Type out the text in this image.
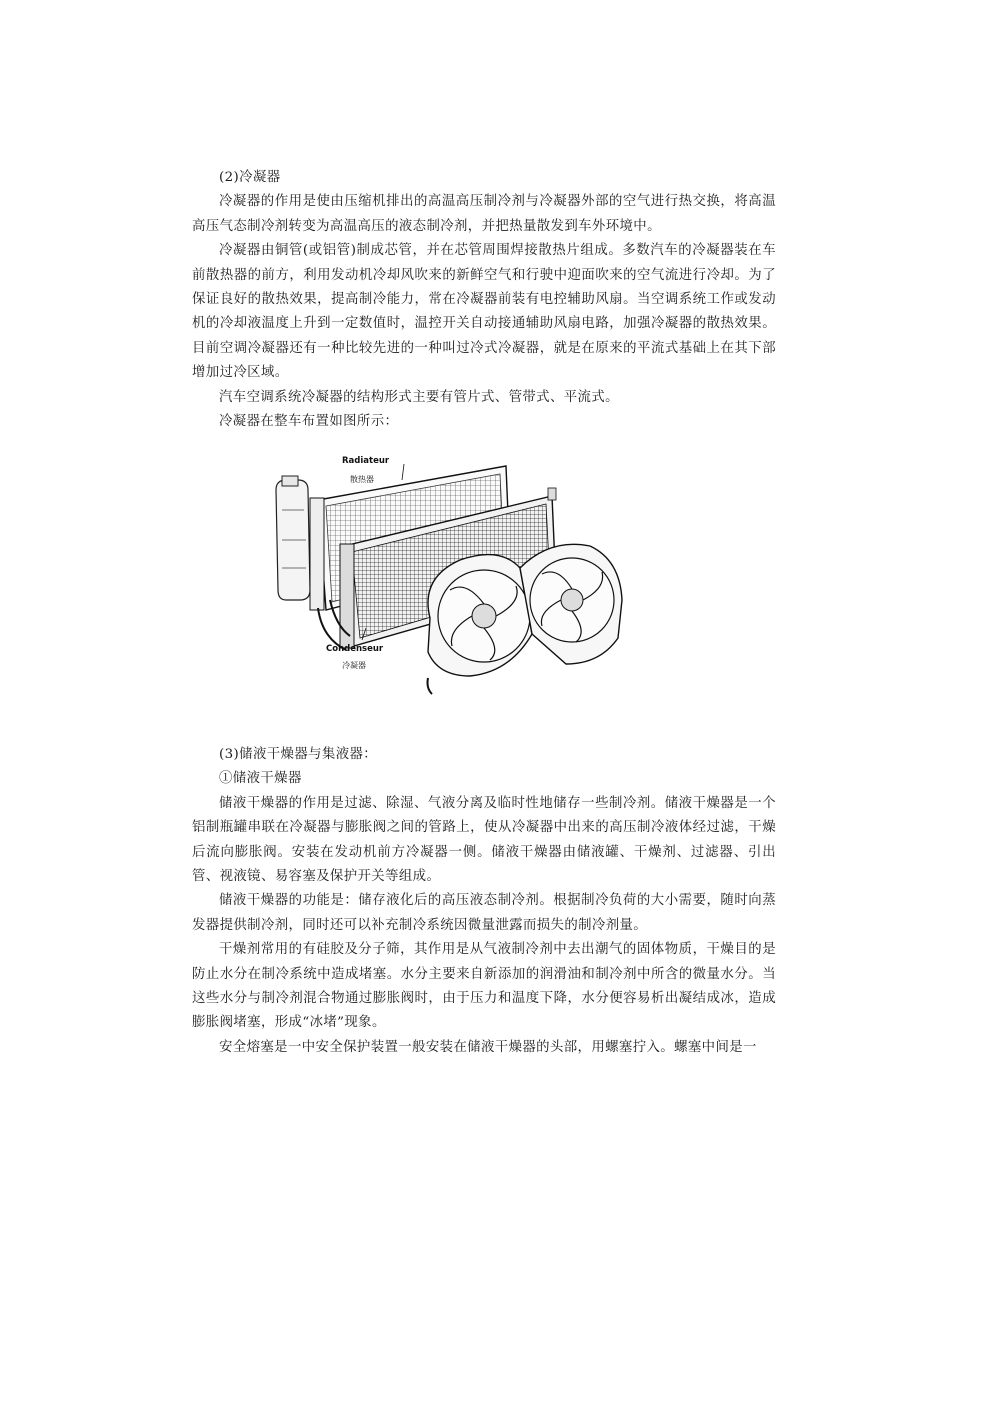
(2)冷凝器

冷凝器的作用是使由压缩机排出的高温高压制冷剂与冷凝器外部的空气进行热交换，将高温高压气态制冷剂转变为高温高压的液态制冷剂，并把热量散发到车外环境中。

冷凝器由铜管(或铝管)制成芯管，并在芯管周围焊接散热片组成。多数汽车的冷凝器装在车前散热器的前方，利用发动机冷却风吹来的新鲜空气和行驶中迎面吹来的空气流进行冷却。为了保证良好的散热效果，提高制冷能力，常在冷凝器前装有电控辅助风扇。当空调系统工作或发动机的冷却液温度上升到一定数值时，温控开关自动接通辅助风扇电路，加强冷凝器的散热效果。目前空调冷凝器还有一种比较先进的一种叫过冷式冷凝器，就是在原来的平流式基础上在其下部增加过冷区域。

汽车空调系统冷凝器的结构形式主要有管片式、管带式、平流式。

冷凝器在整车布置如图所示：

Radiateur
散热器
Condenseur
冷凝器

(3)储液干燥器与集液器：

①储液干燥器

储液干燥器的作用是过滤、除湿、气液分离及临时性地储存一些制冷剂。储液干燥器是一个铝制瓶罐串联在冷凝器与膨胀阀之间的管路上，使从冷凝器中出来的高压制冷液体经过滤，干燥后流向膨胀阀。安装在发动机前方冷凝器一侧。储液干燥器由储液罐、干燥剂、过滤器、引出管、视液镜、易容塞及保护开关等组成。

储液干燥器的功能是：储存液化后的高压液态制冷剂。根据制冷负荷的大小需要，随时向蒸发器提供制冷剂，同时还可以补充制冷系统因微量泄露而损失的制冷剂量。

干燥剂常用的有硅胶及分子筛，其作用是从气液制冷剂中去出潮气的固体物质，干燥目的是防止水分在制冷系统中造成堵塞。水分主要来自新添加的润滑油和制冷剂中所含的微量水分。当这些水分与制冷剂混合物通过膨胀阀时，由于压力和温度下降，水分便容易析出凝结成冰，造成膨胀阀堵塞，形成“冰堵”现象。

安全熔塞是一中安全保护装置一般安装在储液干燥器的头部，用螺塞拧入。螺塞中间是一
